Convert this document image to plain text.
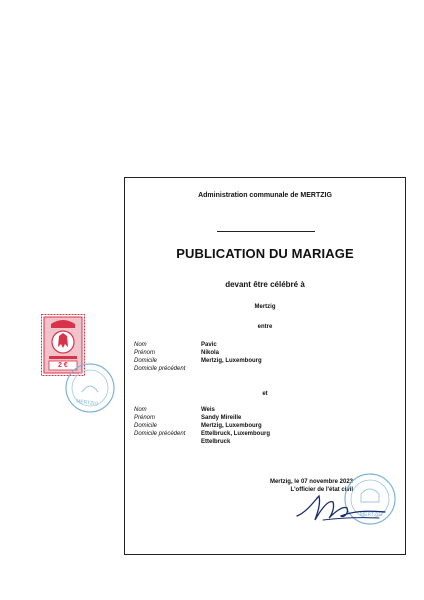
2 €
MERTZIG
Administration communale de MERTZIG
PUBLICATION DU MARIAGE
devant être célébré à
Mertzig
entre
Nom	Pavic
Prénom	Nikola
Domicile	Mertzig, Luxembourg
Domicile précédent
et
Nom	Weis
Prénom	Sandy Mireille
Domicile	Mertzig, Luxembourg
Domicile précédent	Ettelbruck, Luxembourg
Ettelbruck
Mertzig, le 07 novembre 2023
L'officier de l'état civil
MERTZIG
